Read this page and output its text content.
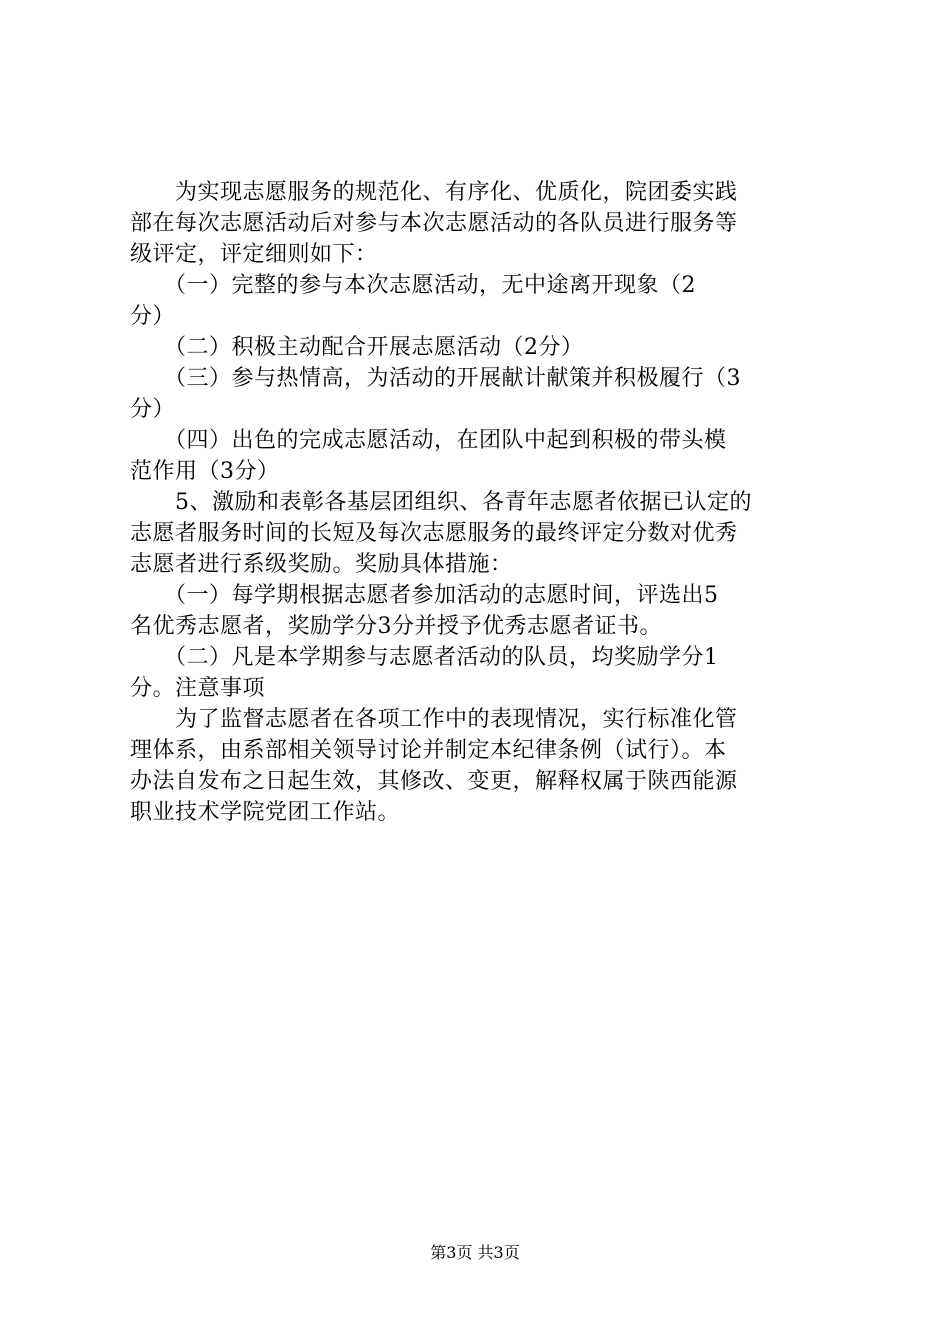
　　为实现志愿服务的规范化、有序化、优质化，院团委实践
部在每次志愿活动后对参与本次志愿活动的各队员进行服务等
级评定，评定细则如下：
　　（一）完整的参与本次志愿活动，无中途离开现象（2
分）
　　（二）积极主动配合开展志愿活动（2分）
　　（三）参与热情高，为活动的开展献计献策并积极履行（3
分）
　　（四）出色的完成志愿活动，在团队中起到积极的带头模
范作用（3分）
　　5、激励和表彰各基层团组织、各青年志愿者依据已认定的
志愿者服务时间的长短及每次志愿服务的最终评定分数对优秀
志愿者进行系级奖励。奖励具体措施：
　　（一）每学期根据志愿者参加活动的志愿时间，评选出5
名优秀志愿者，奖励学分3分并授予优秀志愿者证书。
　　（二）凡是本学期参与志愿者活动的队员，均奖励学分1
分。注意事项
　　为了监督志愿者在各项工作中的表现情况，实行标准化管
理体系，由系部相关领导讨论并制定本纪律条例（试行）。本
办法自发布之日起生效，其修改、变更，解释权属于陕西能源
职业技术学院党团工作站。
第3页 共3页
